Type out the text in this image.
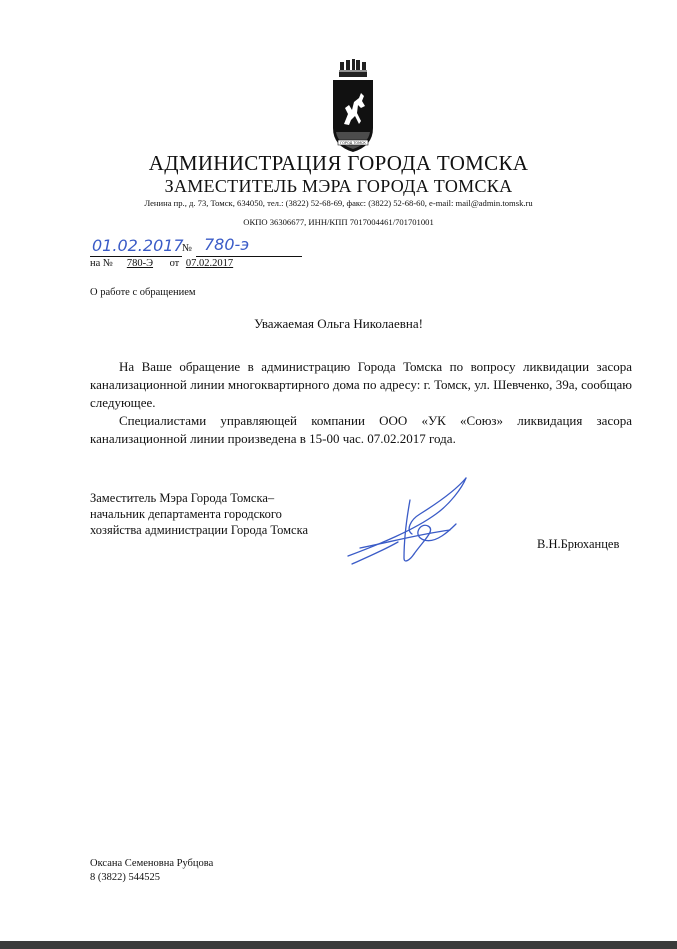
ГОРОД ТОМСК
АДМИНИСТРАЦИЯ ГОРОДА ТОМСКА
ЗАМЕСТИТЕЛЬ МЭРА ГОРОДА ТОМСКА
Ленина пр., д. 73, Томск, 634050, тел.: (3822) 52-68-69, факс: (3822) 52-68-60, e-mail: mail@admin.tomsk.ru
ОКПО 36306677, ИНН/КПП 7017004461/701701001
01.02.2017
№ 780-э
на № 780-Э от 07.02.2017
О работе с обращением
Уважаемая Ольга Николаевна!

На Ваше обращение в администрацию Города Томска по вопросу ликвидации засора канализационной линии многоквартирного дома по адресу: г. Томск, ул. Шевченко, 39а, сообщаю следующее.

Специалистами управляющей компании ООО «УК «Союз» ликвидация засора канализационной линии произведена в 15-00 час. 07.02.2017 года.

Заместитель Мэра Города Томска– начальник департамента городского хозяйства администрации Города Томска
В.Н.Брюханцев
Оксана Семеновна Рубцова
8 (3822) 544525
